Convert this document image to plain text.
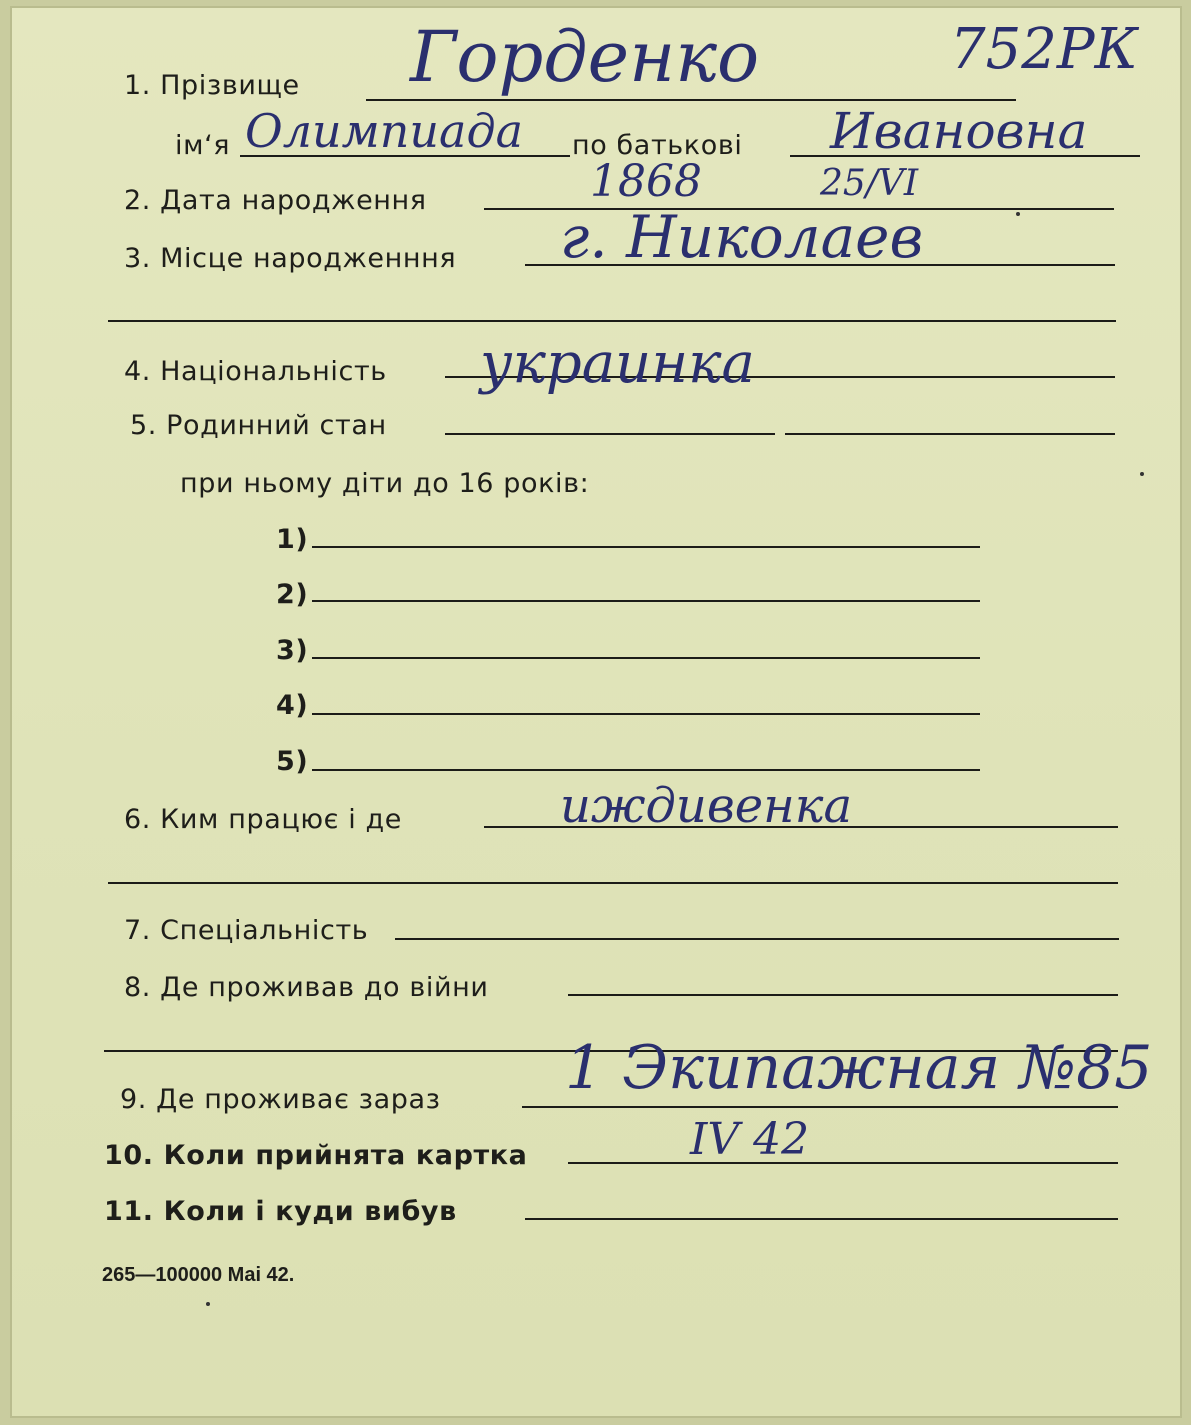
1. Прізвище Горденко	752РК
ім‘я Олимпиада по батькові Ивановна
2. Дата народження	1868	25/VI
3. Місце народженння г. Николаев
4. Національність украинка
5. Родинний стан
при ньому діти до 16 років:
1)
2)
3)
4)
5)
6. Ким працює і де	иждивенка
7. Спеціальність
8. Де проживав до війни
9. Де проживає зараз 1 Экипажная №85
10. Коли прийнята картка	IV 42
11. Коли і куди вибув
265—100000 Mai 42.
